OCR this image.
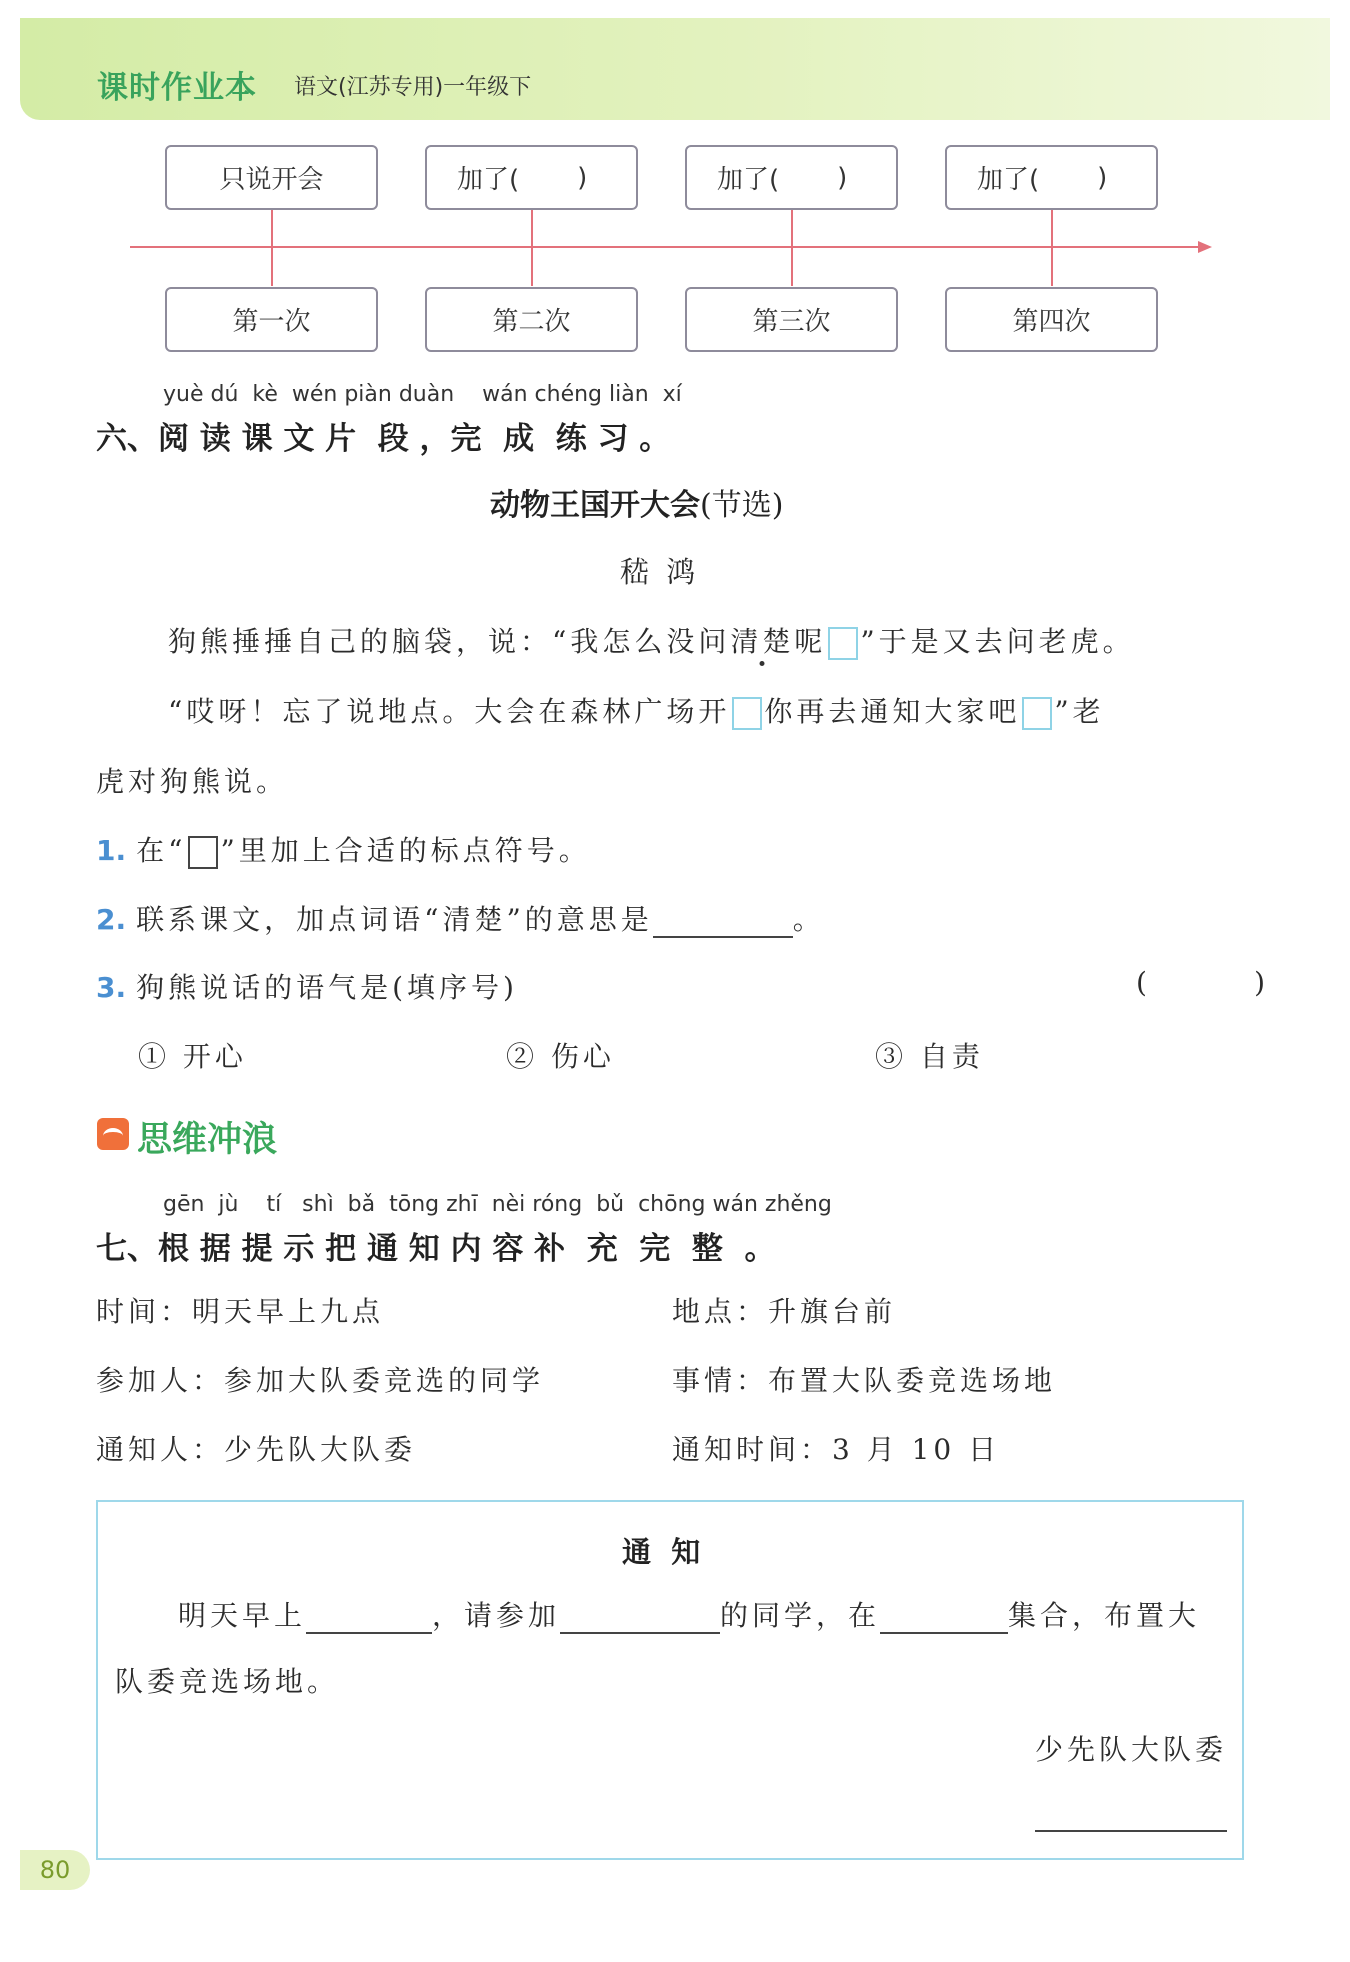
课时作业本 语文(江苏专用)一年级下
只说开会	加了( )	加了( )	加了( )
第一次	第二次	第三次	第四次
yuè dú  kè  wén piàn duàn    wán chéng liàn  xí
六、阅 读 课 文 片  段 ，完  成  练 习 。
动物王国开大会(节选)
嵇 鸿
狗熊捶捶自己的脑袋，说：“我怎么没问清楚呢 ”于是又去问老虎。
“哎呀！忘了说地点。大会在森林广场开 你再去通知大家吧 ”老
虎对狗熊说。
1. 在“ ”里加上合适的标点符号。
2. 联系课文，加点词语“清楚”的意思是	。
3. 狗熊说话的语气是(填序号)	(        )
① 开心	② 伤心	③ 自责
思维冲浪
gēn  jù    tí   shì  bǎ  tōng zhī  nèi róng  bǔ  chōng wán zhěng
七、根 据 提 示 把 通 知 内 容 补  充  完  整  。
时间：明天早上九点	地点：升旗台前
参加人：参加大队委竞选的同学	事情：布置大队委竞选场地
通知人：少先队大队委	通知时间：3 月 10 日
通  知
明天早上	，请参加	的同学，在	集合，布置大
队委竞选场地。
少先队大队委
80
